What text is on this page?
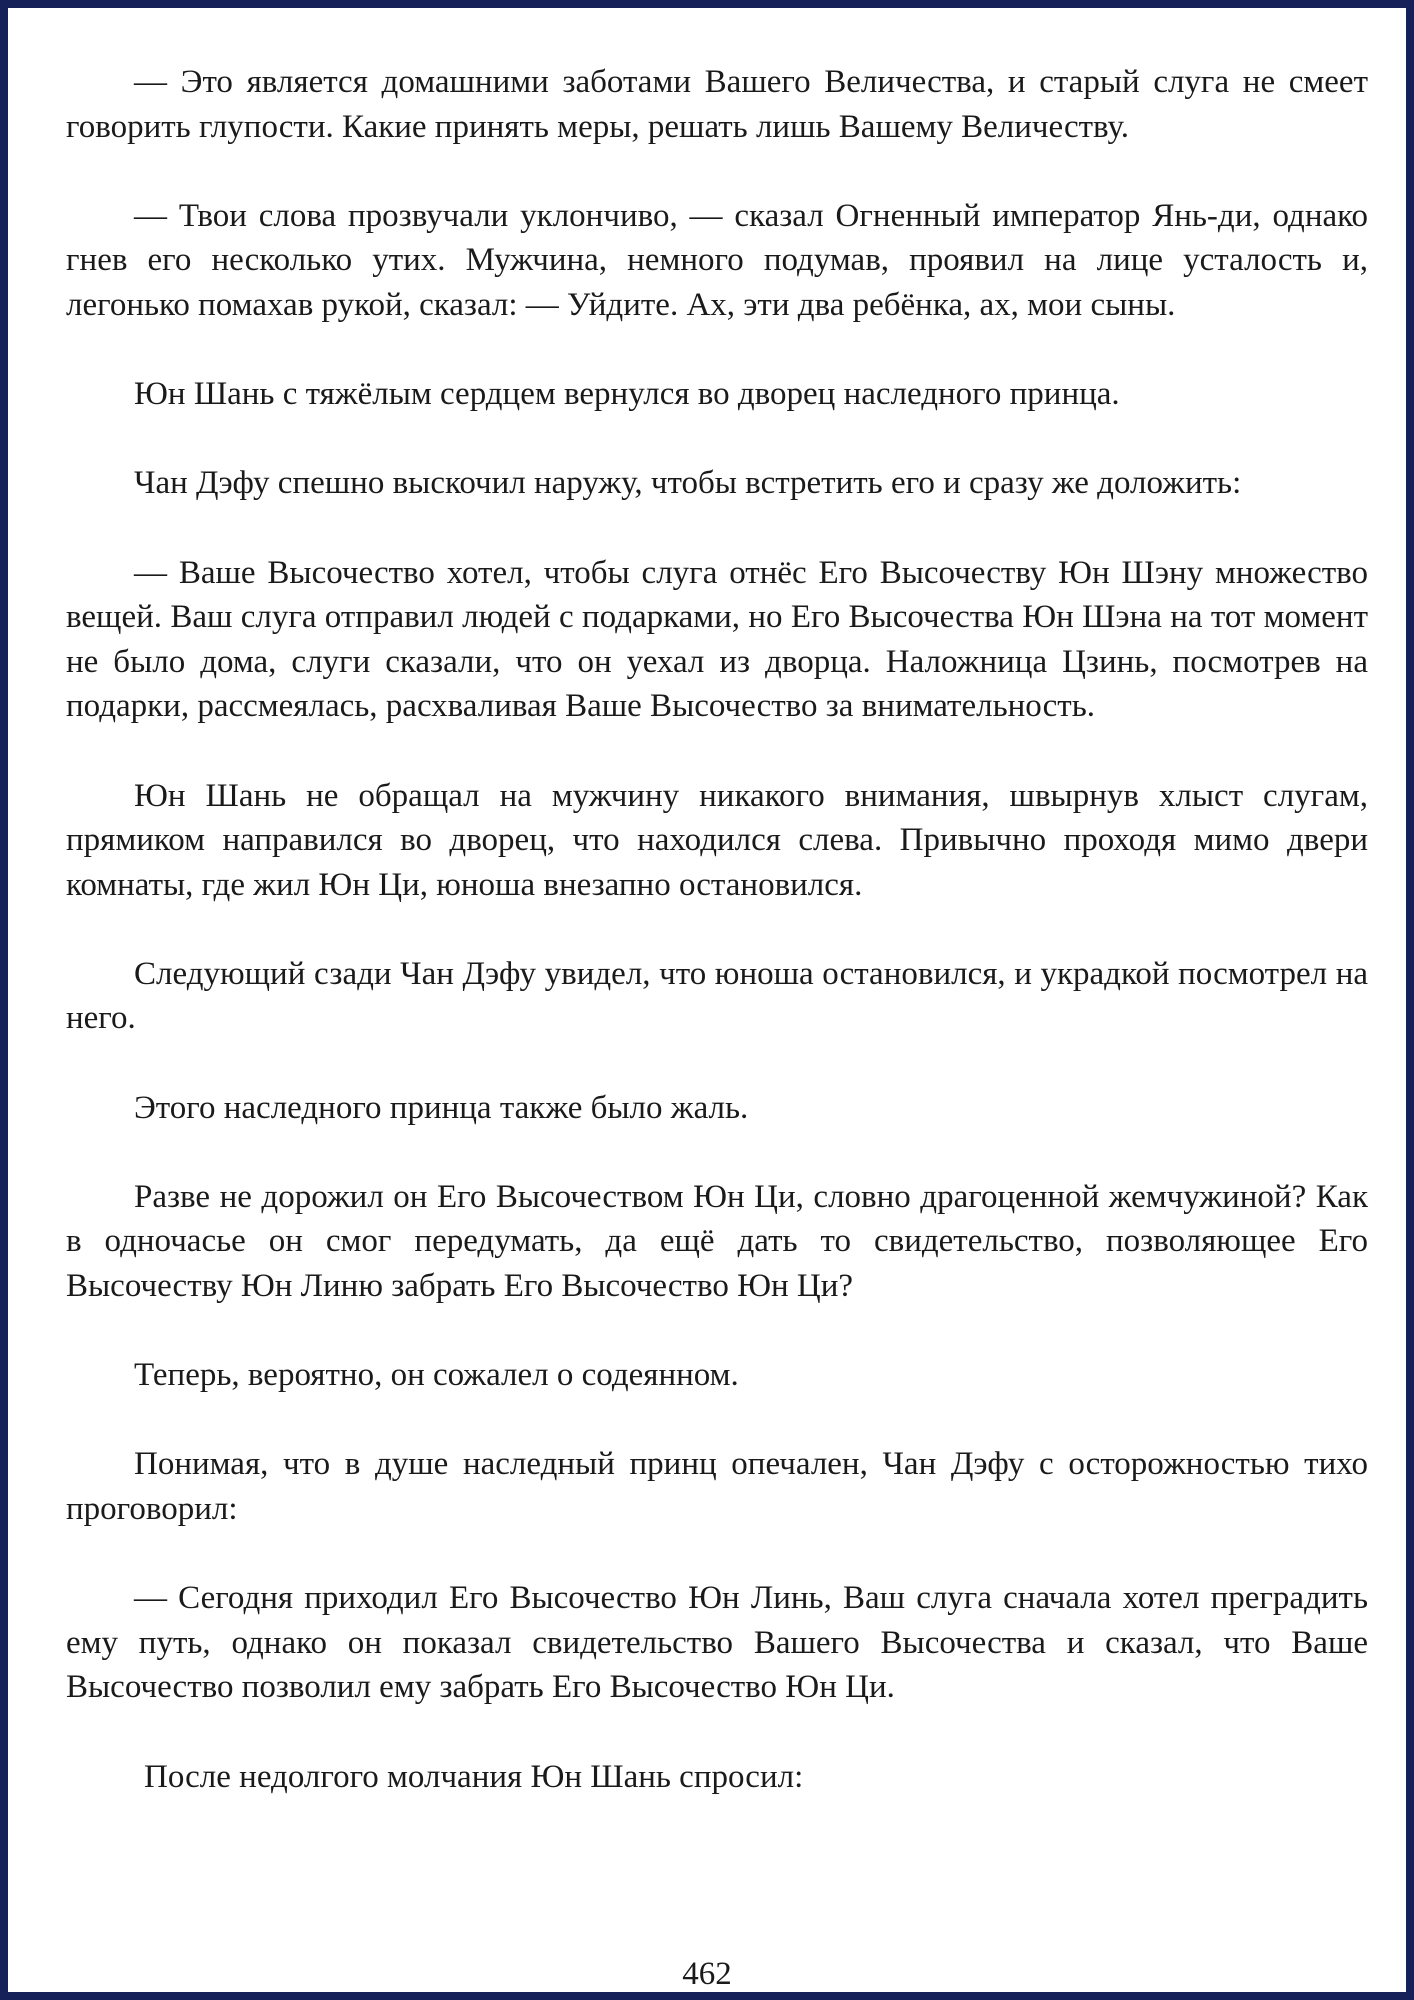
— Это является домашними заботами Вашего Величества, и старый слуга не смеет говорить глупости. Какие принять меры, решать лишь Вашему Величеству.

— Твои слова прозвучали уклончиво, — сказал Огненный император Янь-ди, однако гнев его несколько утих. Мужчина, немного подумав, проявил на лице усталость и, легонько помахав рукой, сказал: — Уйдите. Ах, эти два ребёнка, ах, мои сыны.

Юн Шань с тяжёлым сердцем вернулся во дворец наследного принца.

Чан Дэфу спешно выскочил наружу, чтобы встретить его и сразу же доложить:

— Ваше Высочество хотел, чтобы слуга отнёс Его Высочеству Юн Шэну множество вещей. Ваш слуга отправил людей с подарками, но Его Высочества Юн Шэна на тот момент не было дома, слуги сказали, что он уехал из дворца. Наложница Цзинь, посмотрев на подарки, рассмеялась, расхваливая Ваше Высочество за внимательность.

Юн Шань не обращал на мужчину никакого внимания, швырнув хлыст слугам, прямиком направился во дворец, что находился слева. Привычно проходя мимо двери комнаты, где жил Юн Ци, юноша внезапно остановился.

Следующий сзади Чан Дэфу увидел, что юноша остановился, и украдкой посмотрел на него.

Этого наследного принца также было жаль.

Разве не дорожил он Его Высочеством Юн Ци, словно драгоценной жемчужиной? Как в одночасье он смог передумать, да ещё дать то свидетельство, позволяющее Его Высочеству Юн Линю забрать Его Высочество Юн Ци?

Теперь, вероятно, он сожалел о содеянном.

Понимая, что в душе наследный принц опечален, Чан Дэфу с осторожностью тихо проговорил:

— Сегодня приходил Его Высочество Юн Линь, Ваш слуга сначала хотел преградить ему путь, однако он показал свидетельство Вашего Высочества и сказал, что Ваше Высочество позволил ему забрать Его Высочество Юн Ци.

После недолгого молчания Юн Шань спросил:

462
